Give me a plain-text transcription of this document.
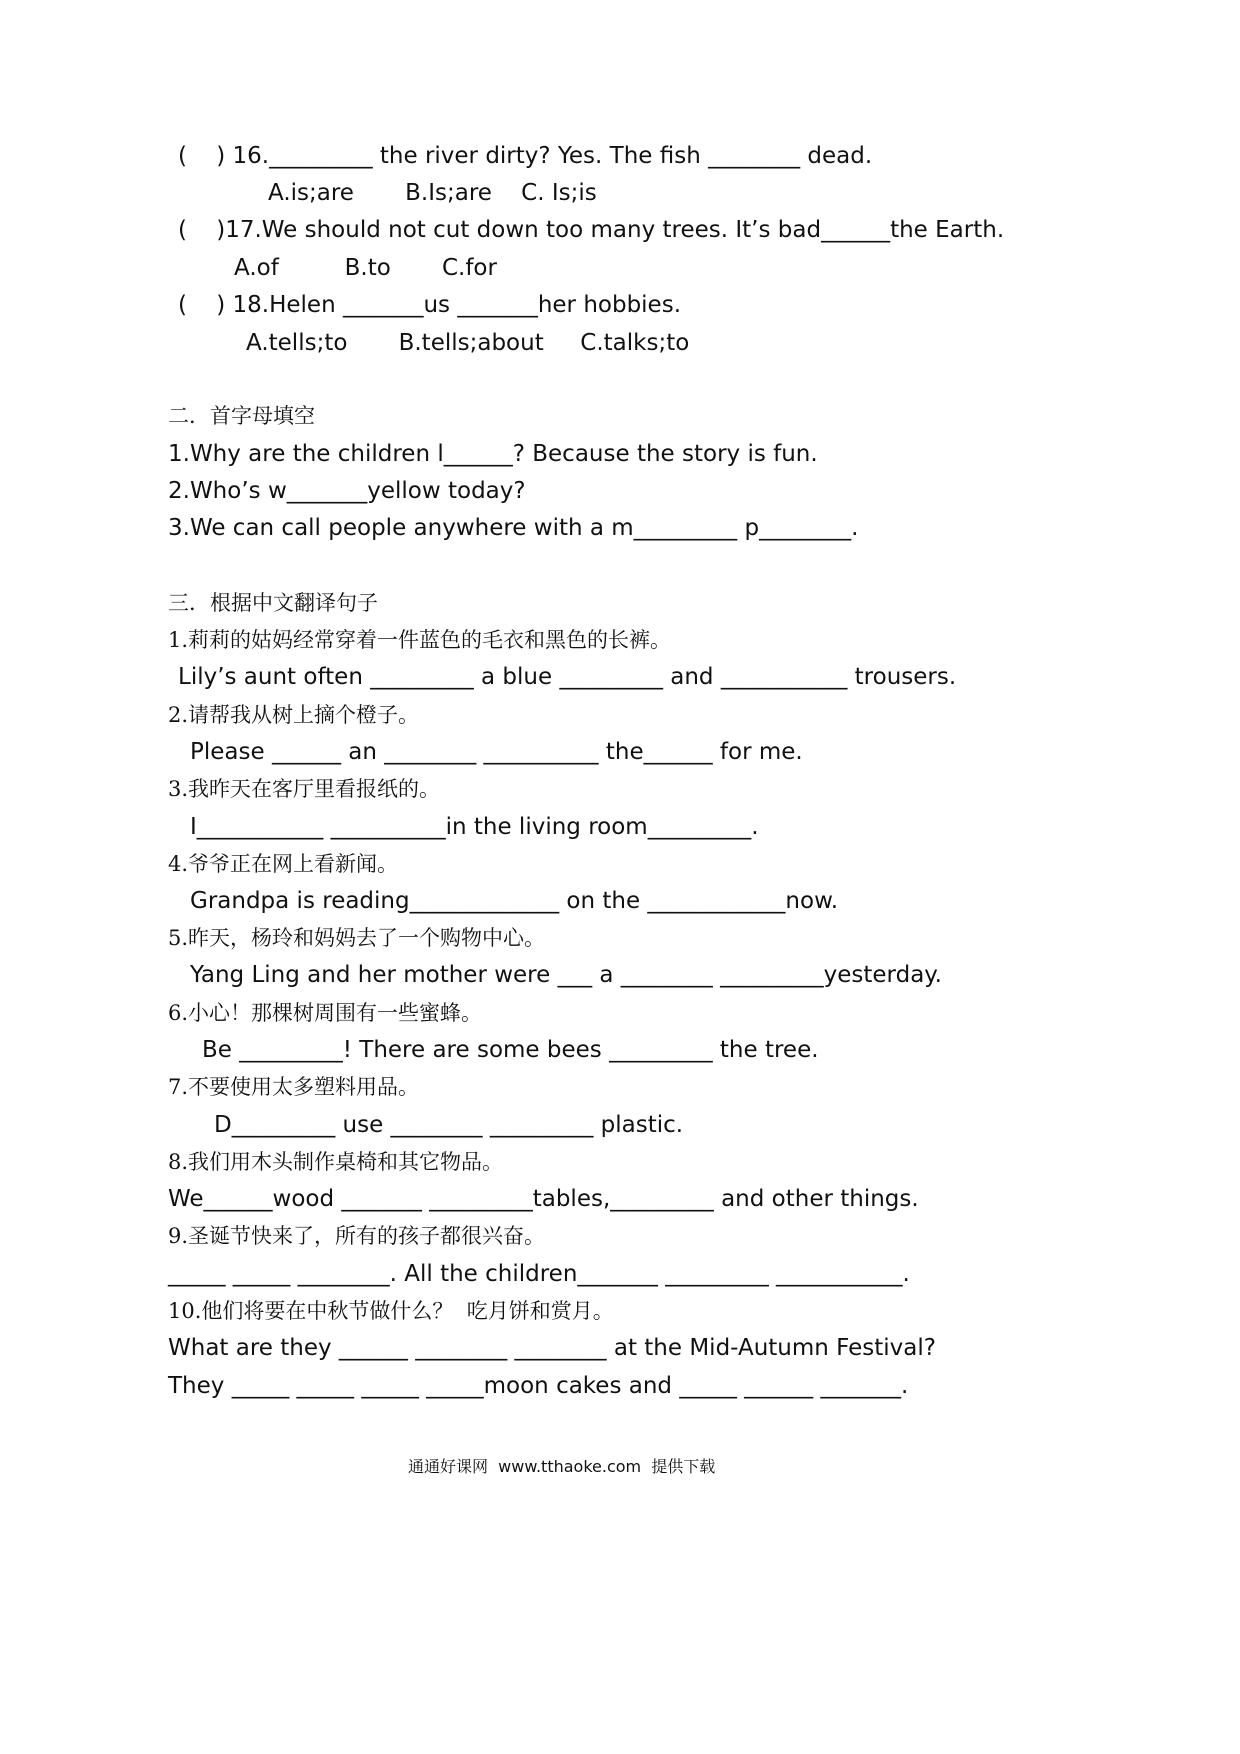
(    ) 16._________ the river dirty? Yes. The fish ________ dead.
A.is;are       B.Is;are    C. Is;is
(    )17.We should not cut down too many trees. It’s bad______the Earth.
A.of         B.to       C.for
(    ) 18.Helen _______us _______her hobbies.
A.tells;to       B.tells;about     C.talks;to
二．首字母填空
1.Why are the children l______? Because the story is fun.
2.Who’s w_______yellow today?
3.We can call people anywhere with a m_________ p________.
三．根据中文翻译句子
1.莉莉的姑妈经常穿着一件蓝色的毛衣和黑色的长裤。
Lily’s aunt often _________ a blue _________ and ___________ trousers.
2.请帮我从树上摘个橙子。
Please ______ an ________ __________ the______ for me.
3.我昨天在客厅里看报纸的。
I___________ __________in the living room_________.
4.爷爷正在网上看新闻。
Grandpa is reading_____________ on the ____________now.
5.昨天，杨玲和妈妈去了一个购物中心。
Yang Ling and her mother were ___ a ________ _________yesterday.
6.小心！那棵树周围有一些蜜蜂。
Be _________! There are some bees _________ the tree.
7.不要使用太多塑料用品。
D_________ use ________ _________ plastic.
8.我们用木头制作桌椅和其它物品。
We______wood _______ _________tables,_________ and other things.
9.圣诞节快来了，所有的孩子都很兴奋。
_____ _____ ________. All the children_______ _________ ___________.
10.他们将要在中秋节做什么？  吃月饼和赏月。
What are they ______ ________ ________ at the Mid-Autumn Festival?
They _____ _____ _____ _____moon cakes and _____ ______ _______.
通通好课网  www.tthaoke.com  提供下载
